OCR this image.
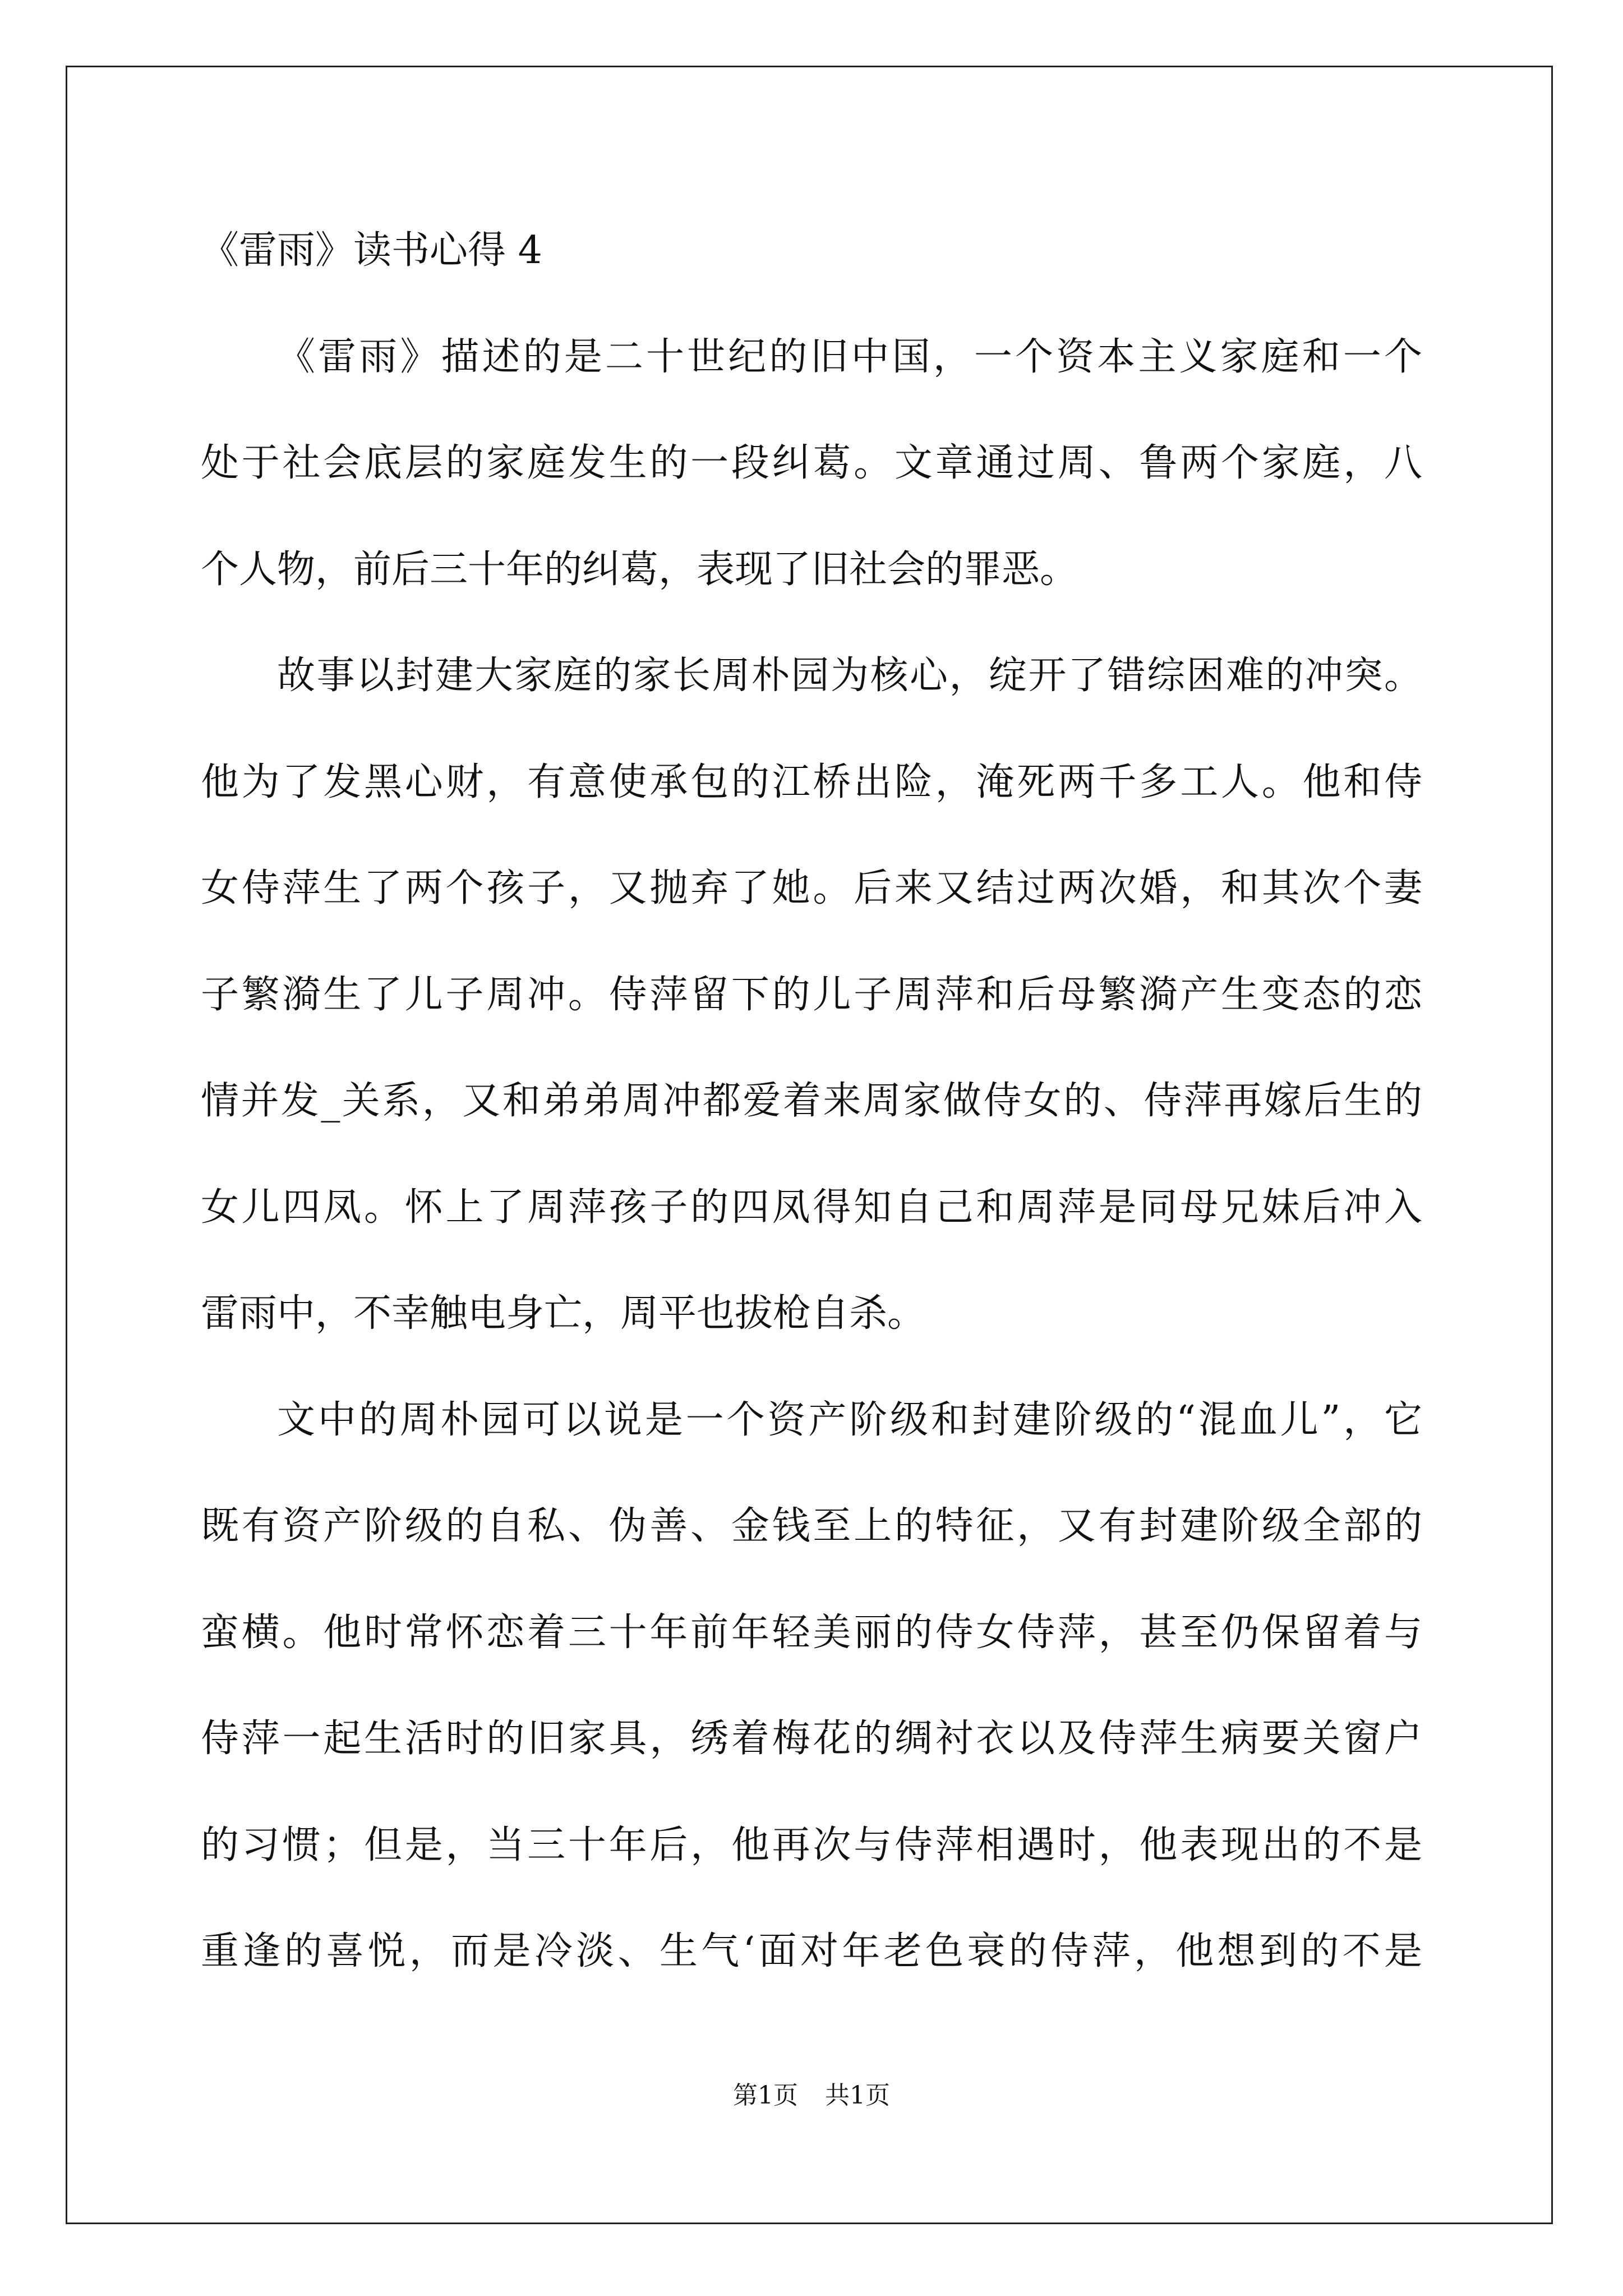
《雷雨》读书心得 4
《雷雨》描述的是二十世纪的旧中国，一个资本主义家庭和一个
处于社会底层的家庭发生的一段纠葛。文章通过周、鲁两个家庭，八
个人物，前后三十年的纠葛，表现了旧社会的罪恶。
故事以封建大家庭的家长周朴园为核心，绽开了错综困难的冲突。
他为了发黑心财，有意使承包的江桥出险，淹死两千多工人。他和侍
女侍萍生了两个孩子，又抛弃了她。后来又结过两次婚，和其次个妻
子繁漪生了儿子周冲。侍萍留下的儿子周萍和后母繁漪产生变态的恋
情并发_关系，又和弟弟周冲都爱着来周家做侍女的、侍萍再嫁后生的
女儿四凤。怀上了周萍孩子的四凤得知自己和周萍是同母兄妹后冲入
雷雨中，不幸触电身亡，周平也拔枪自杀。
文中的周朴园可以说是一个资产阶级和封建阶级的“混血儿”，它
既有资产阶级的自私、伪善、金钱至上的特征，又有封建阶级全部的
蛮横。他时常怀恋着三十年前年轻美丽的侍女侍萍，甚至仍保留着与
侍萍一起生活时的旧家具，绣着梅花的绸衬衣以及侍萍生病要关窗户
的习惯；但是，当三十年后，他再次与侍萍相遇时，他表现出的不是
重逢的喜悦，而是冷淡、生气‘面对年老色衰的侍萍，他想到的不是
第1页 共1页
